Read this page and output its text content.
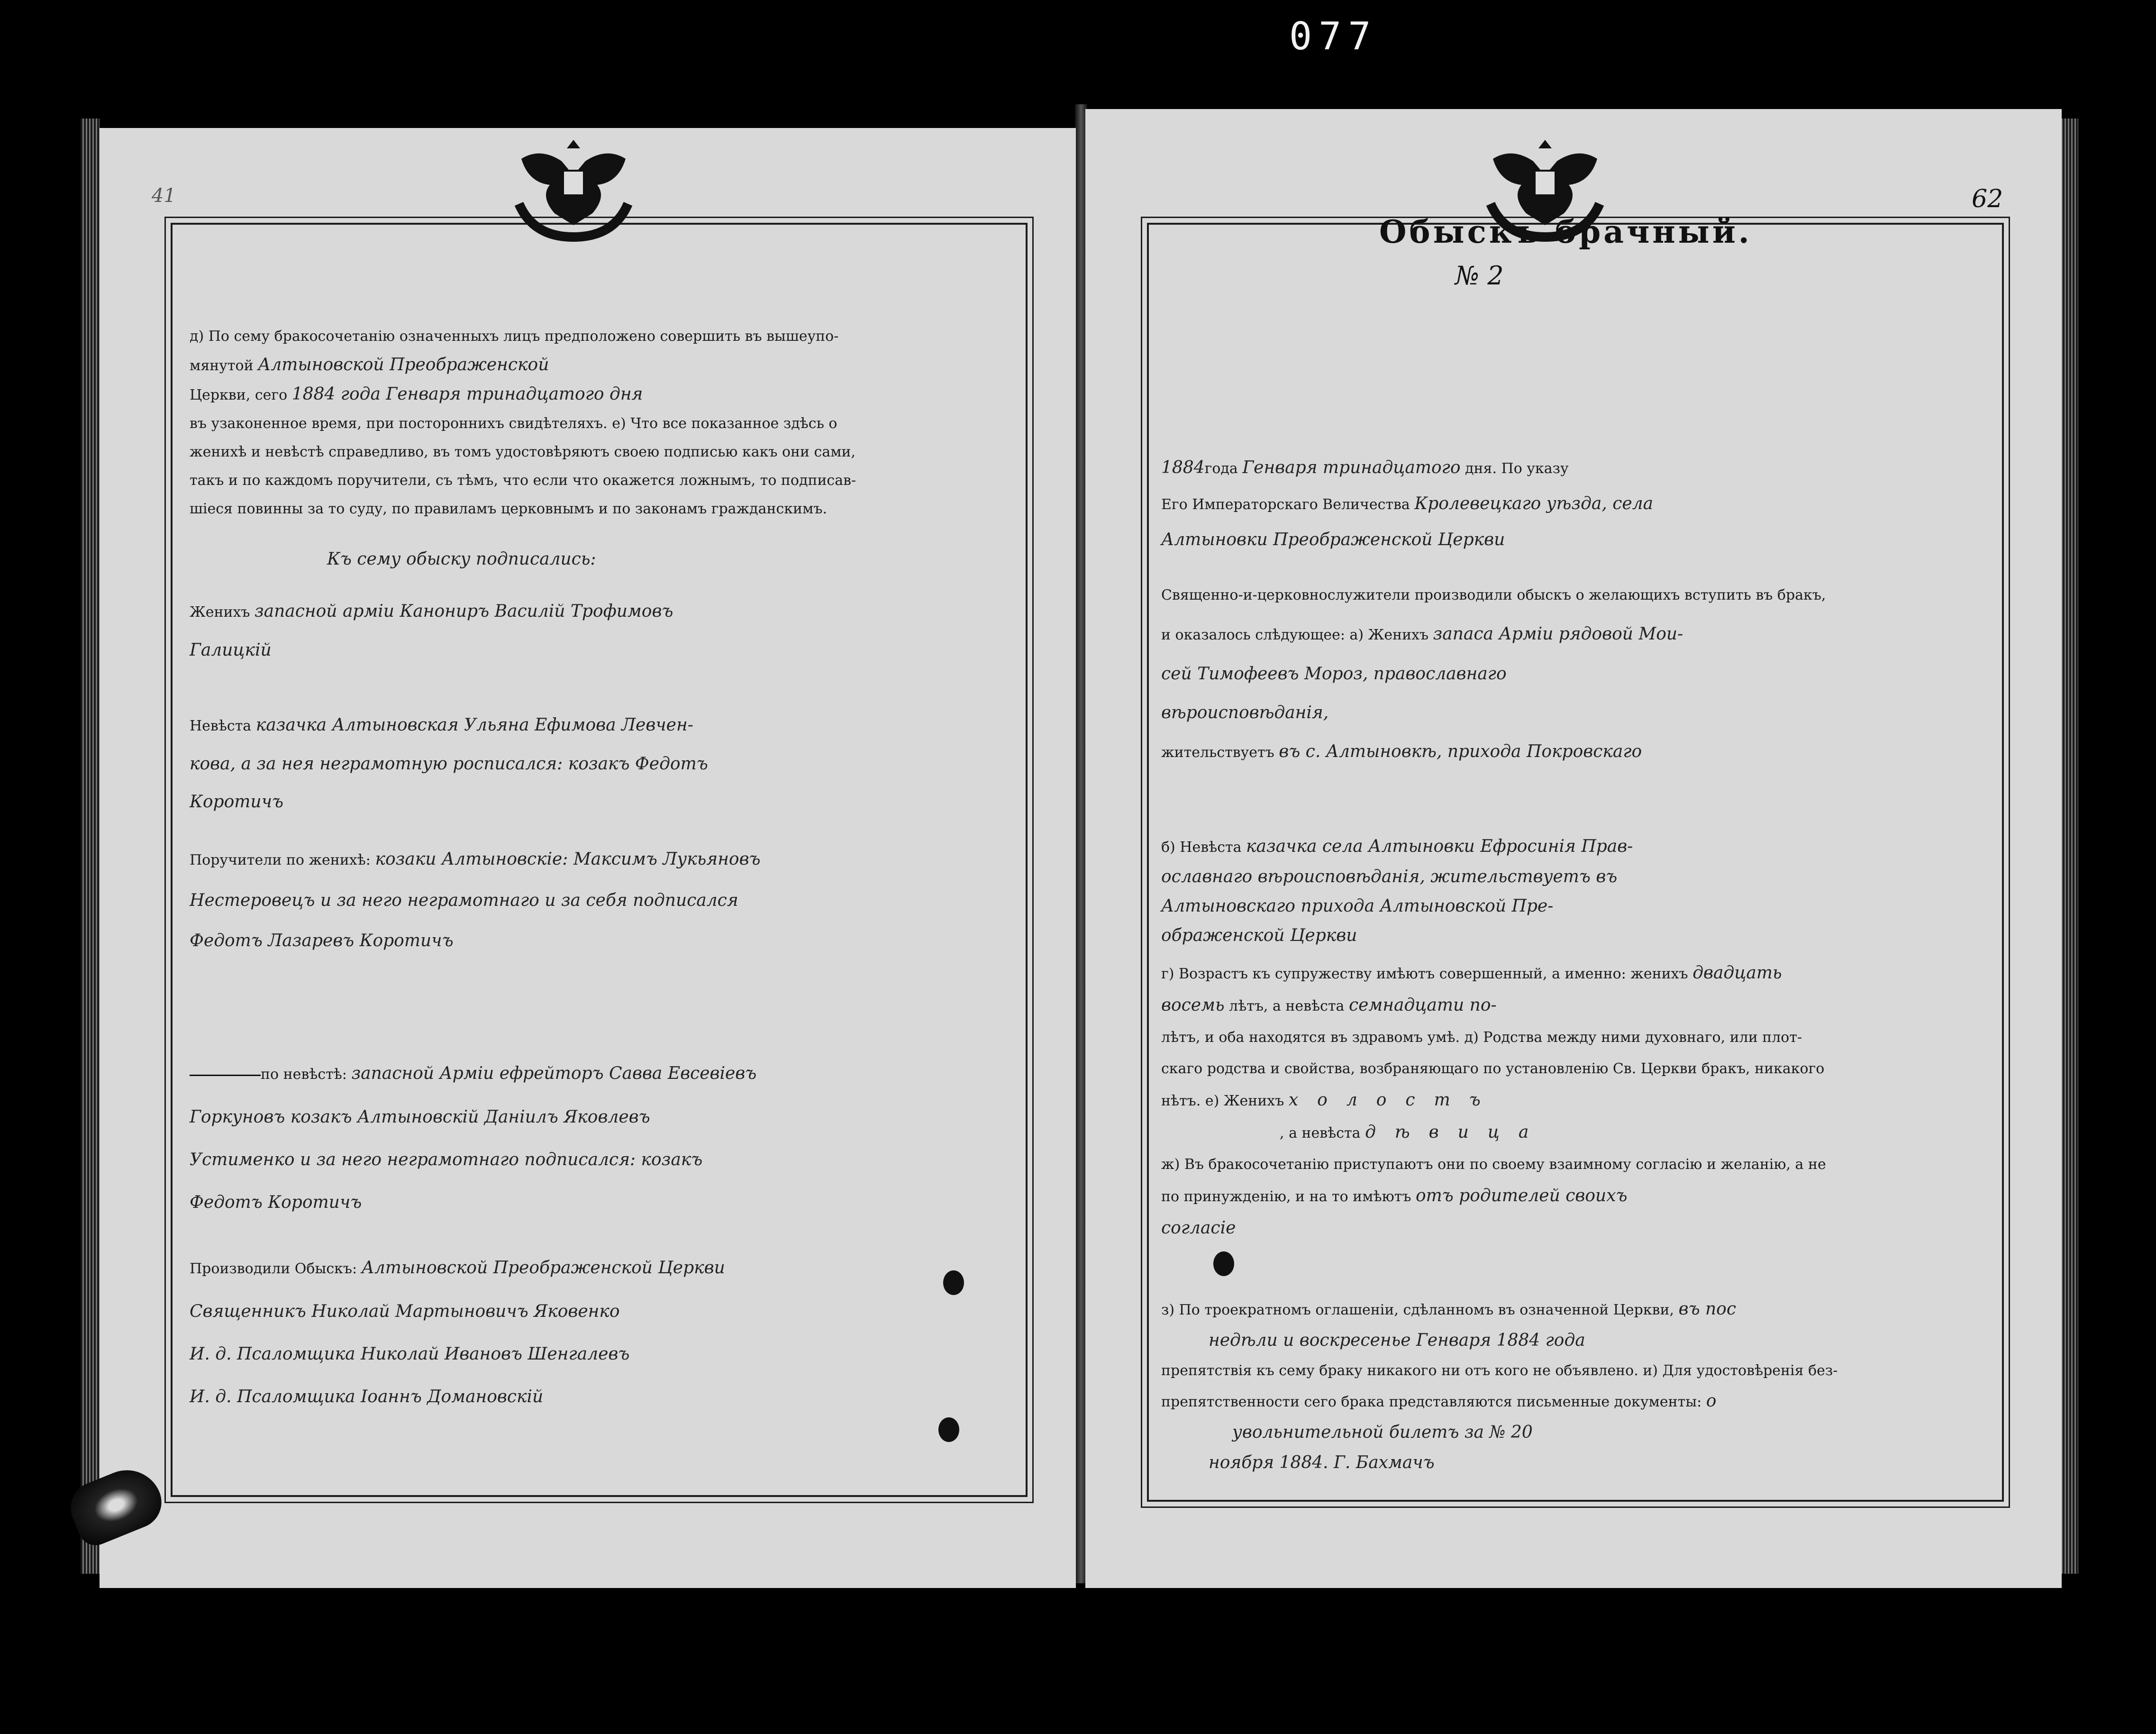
077
41
д) По сему бракосочетанію означенныхъ лицъ предположено совершить въ вышеупо-
мянутой Алтыновской Преображенской
Церкви, сего 1884 года Генваря тринадцатого дня
въ узаконенное время, при постороннихъ свидѣтеляхъ. е) Что все показанное здѣсь о
женихѣ и невѣстѣ справедливо, въ томъ удостовѣряютъ своею подписью какъ они сами,
такъ и по каждомъ поручители, съ тѣмъ, что если что окажется ложнымъ, то подписав-
шіеся повинны за то суду, по правиламъ церковнымъ и по законамъ гражданскимъ.
Къ сему обыску подписались:
Женихъ запасной арміи Канониръ Василій Трофимовъ
Галицкій
Невѣста казачка Алтыновская Ульяна Ефимова Левчен-
кова, а за нея неграмотную росписался: козакъ Федотъ
Коротичъ
Поручители по женихѣ: козаки Алтыновскіе: Максимъ Лукьяновъ
Нестеровецъ и за него неграмотнаго и за себя подписался
Федотъ Лазаревъ Коротичъ
по невѣстѣ: запасной Арміи ефрейторъ Савва Евсевіевъ
Горкуновъ козакъ Алтыновскій Даніилъ Яковлевъ
Устименко и за него неграмотнаго подписался: козакъ
Федотъ Коротичъ
Производили Обыскъ: Алтыновской Преображенской Церкви
Священникъ Николай Мартыновичъ Яковенко
И. д. Псаломщика Николай Ивановъ Шенгалевъ
И. д. Псаломщика Іоаннъ Домановскій
62
Обыскъ брачный.
№ 2
1884года Генваря тринадцатого дня. По указу
Его Императорскаго Величества Кролевецкаго уѣзда, села
Алтыновки Преображенской Церкви
Священно-и-церковнослужители производили обыскъ о желающихъ вступить въ бракъ,
и оказалось слѣдующее: а) Женихъ запаса Арміи рядовой Мои-
сей Тимофеевъ Мороз, православнаго
вѣроисповѣданія,
жительствуетъ въ с. Алтыновкѣ, прихода Покровскаго
б) Невѣста казачка села Алтыновки Ефросинія Прав-
ославнаго вѣроисповѣданія, жительствуетъ въ
Алтыновскаго прихода Алтыновской Пре-
ображенской Церкви
г) Возрастъ къ супружеству имѣютъ совершенный, а именно: женихъ двадцать
восемь лѣтъ, а невѣста семнадцати по-
лѣтъ, и оба находятся въ здравомъ умѣ. д) Родства между ними духовнаго, или плот-
скаго родства и свойства, возбраняющаго по установленію Св. Церкви бракъ, никакого
нѣтъ. е) Женихъ холостъ
, а невѣста дѣвица
ж) Въ бракосочетанію приступаютъ они по своему взаимному согласію и желанію, а не
по принужденію, и на то имѣютъ отъ родителей своихъ
согласіе
з) По троекратномъ оглашеніи, сдѣланномъ въ означенной Церкви, въ пос
недѣли и воскресенье Генваря 1884 года
препятствія къ сему браку никакого ни отъ кого не объявлено. и) Для удостовѣренія без-
препятственности сего брака представляются письменные документы: о
увольнительной билетъ за № 20
ноября 1884. Г. Бахмачъ
